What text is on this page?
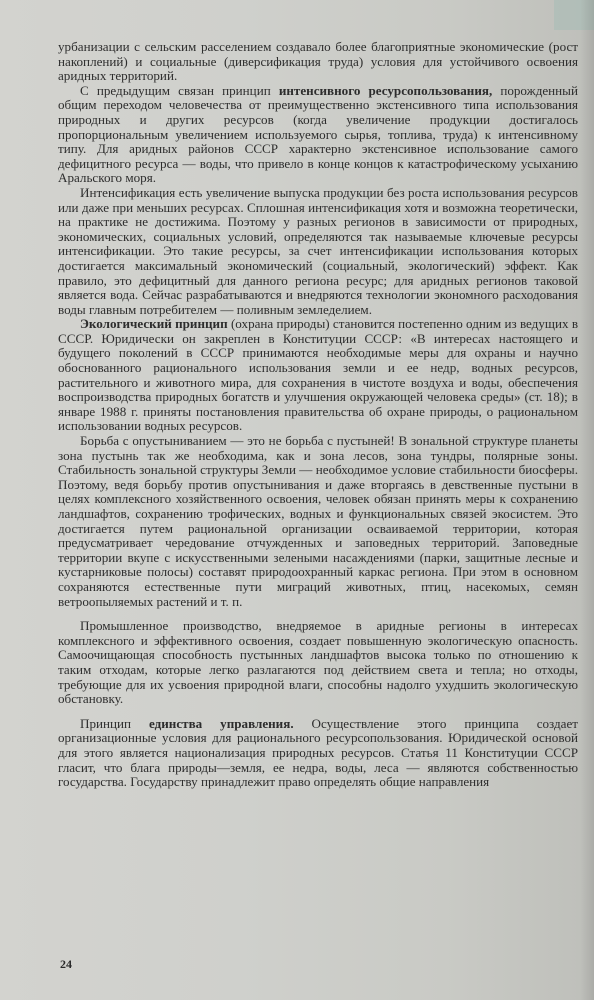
урбанизации с сельским расселением создавало более благоприятные экономические (рост накоплений) и социальные (диверсификация труда) условия для устойчивого освоения аридных территорий.

С предыдущим связан принцип интенсивного ресурсопользования, порожденный общим переходом человечества от преимущественно экстенсивного типа использования природных и других ресурсов (когда увеличение продукции достигалось пропорциональным увеличением используемого сырья, топлива, труда) к интенсивному типу. Для аридных районов СССР характерно экстенсивное использование самого дефицитного ресурса — воды, что привело в конце концов к катастрофическому усыханию Аральского моря.

Интенсификация есть увеличение выпуска продукции без роста использования ресурсов или даже при меньших ресурсах. Сплошная интенсификация хотя и возможна теоретически, на практике не достижима. Поэтому у разных регионов в зависимости от природных, экономических, социальных условий, определяются так называемые ключевые ресурсы интенсификации. Это такие ресурсы, за счет интенсификации использования которых достигается максимальный экономический (социальный, экологический) эффект. Как правило, это дефицитный для данного региона ресурс; для аридных регионов таковой является вода. Сейчас разрабатываются и внедряются технологии экономного расходования воды главным потребителем — поливным земледелием.

Экологический принцип (охрана природы) становится постепенно одним из ведущих в СССР. Юридически он закреплен в Конституции СССР: «В интересах настоящего и будущего поколений в СССР принимаются необходимые меры для охраны и научно обоснованного рационального использования земли и ее недр, водных ресурсов, растительного и животного мира, для сохранения в чистоте воздуха и воды, обеспечения воспроизводства природных богатств и улучшения окружающей человека среды» (ст. 18); в январе 1988 г. приняты постановления правительства об охране природы, о рациональном использовании водных ресурсов.

Борьба с опустыниванием — это не борьба с пустыней! В зональной структуре планеты зона пустынь так же необходима, как и зона лесов, зона тундры, полярные зоны. Стабильность зональной структуры Земли — необходимое условие стабильности биосферы. Поэтому, ведя борьбу против опустынивания и даже вторгаясь в девственные пустыни в целях комплексного хозяйственного освоения, человек обязан принять меры к сохранению ландшафтов, сохранению трофических, водных и функциональных связей экосистем. Это достигается путем рациональной организации осваиваемой территории, которая предусматривает чередование отчужденных и заповедных территорий. Заповедные территории вкупе с искусственными зелеными насаждениями (парки, защитные лесные и кустарниковые полосы) составят природоохранный каркас региона. При этом в основном сохраняются естественные пути миграций животных, птиц, насекомых, семян ветроопыляемых растений и т. п.

Промышленное производство, внедряемое в аридные регионы в интересах комплексного и эффективного освоения, создает повышенную экологическую опасность. Самоочищающая способность пустынных ландшафтов высока только по отношению к таким отходам, которые легко разлагаются под действием света и тепла; но отходы, требующие для их усвоения природной влаги, способны надолго ухудшить экологическую обстановку.

Принцип единства управления. Осуществление этого принципа создает организационные условия для рационального ресурсопользования. Юридической основой для этого является национализация природных ресурсов. Статья 11 Конституции СССР гласит, что блага природы—земля, ее недра, воды, леса — являются собственностью государства. Государству принадлежит право определять общие направления

24
